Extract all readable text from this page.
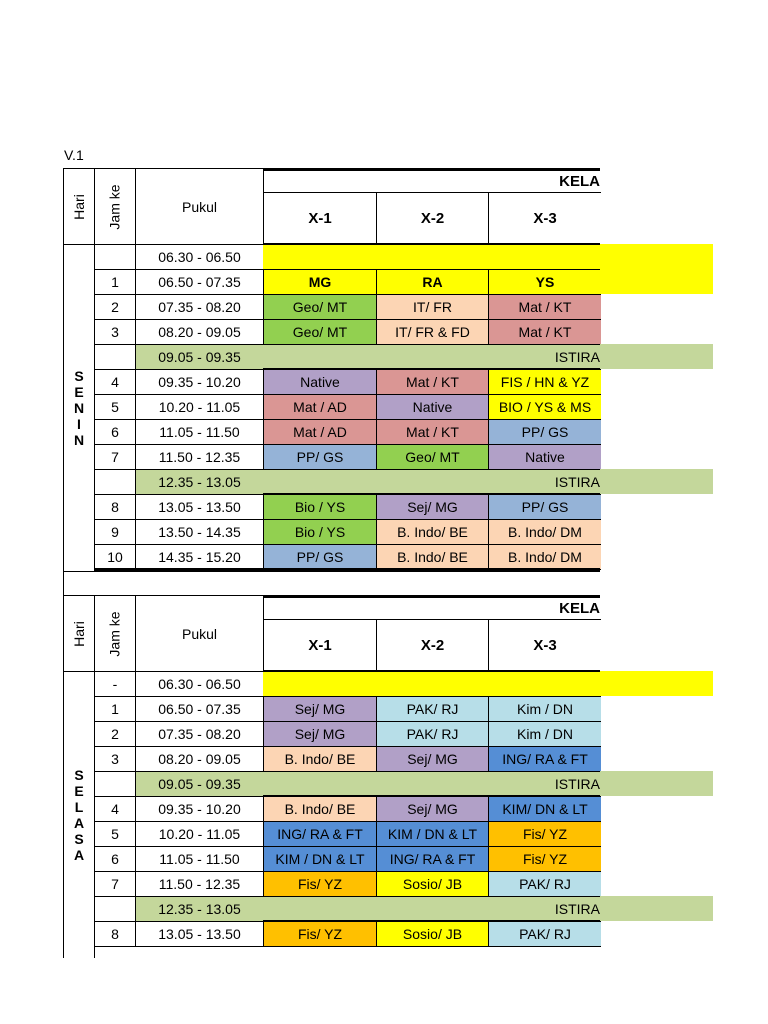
V.1
Hari Jam ke	Pukul
KELA
X-1	X-2	X-3
06.30 - 06.50
1	06.50 - 07.35	MG	RA	YS
2	07.35 - 08.20	Geo/ MT	IT/ FR	Mat / KT
3	08.20 - 09.05	Geo/ MT	IT/ FR & FD	Mat / KT
09.05 - 09.35	ISTIRA
4	09.35 - 10.20	Native	Mat / KT	FIS / HN & YZ
5	10.20 - 11.05	Mat / AD	Native	BIO / YS & MS
6	11.05 - 11.50	Mat / AD	Mat / KT	PP/ GS
7	11.50 - 12.35	PP/ GS	Geo/ MT	Native
12.35 - 13.05	ISTIRA
8	13.05 - 13.50	Bio / YS	Sej/ MG	PP/ GS
9	13.50 - 14.35	Bio / YS	B. Indo/ BE	B. Indo/ DM
10	14.35 - 15.20	PP/ GS	B. Indo/ BE	B. Indo/ DM
S
E
N
I
N
Hari Jam ke	Pukul
KELA
X-1	X-2	X-3
-	06.30 - 06.50
1	06.50 - 07.35	Sej/ MG	PAK/ RJ	Kim / DN
2	07.35 - 08.20	Sej/ MG	PAK/ RJ	Kim / DN
3	08.20 - 09.05	B. Indo/ BE	Sej/ MG	ING/ RA & FT
09.05 - 09.35	ISTIRA
4	09.35 - 10.20	B. Indo/ BE	Sej/ MG	KIM/ DN & LT
5	10.20 - 11.05	ING/ RA & FT	KIM / DN & LT	Fis/ YZ
6	11.05 - 11.50	KIM / DN & LT	ING/ RA & FT	Fis/ YZ
7	11.50 - 12.35	Fis/ YZ	Sosio/ JB	PAK/ RJ
12.35 - 13.05	ISTIRA
8	13.05 - 13.50	Fis/ YZ	Sosio/ JB	PAK/ RJ
S
E
L
A
S
A
